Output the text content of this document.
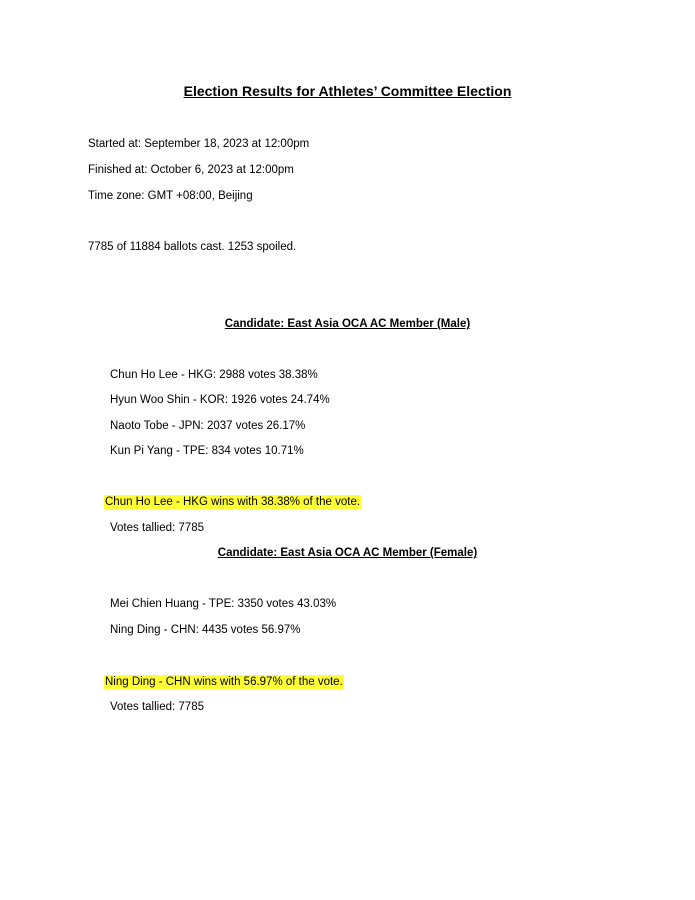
Election Results for Athletes’ Committee Election
Started at: September 18, 2023 at 12:00pm
Finished at: October 6, 2023 at 12:00pm
Time zone: GMT +08:00, Beijing
7785 of 11884 ballots cast. 1253 spoiled.
Candidate: East Asia OCA AC Member (Male)
Chun Ho Lee - HKG: 2988 votes 38.38%
Hyun Woo Shin - KOR: 1926 votes 24.74%
Naoto Tobe - JPN: 2037 votes 26.17%
Kun Pi Yang - TPE: 834 votes 10.71%
Chun Ho Lee - HKG wins with 38.38% of the vote.
Votes tallied: 7785
Candidate: East Asia OCA AC Member (Female)
Mei Chien Huang - TPE: 3350 votes 43.03%
Ning Ding - CHN: 4435 votes 56.97%
Ning Ding - CHN wins with 56.97% of the vote.
Votes tallied: 7785
